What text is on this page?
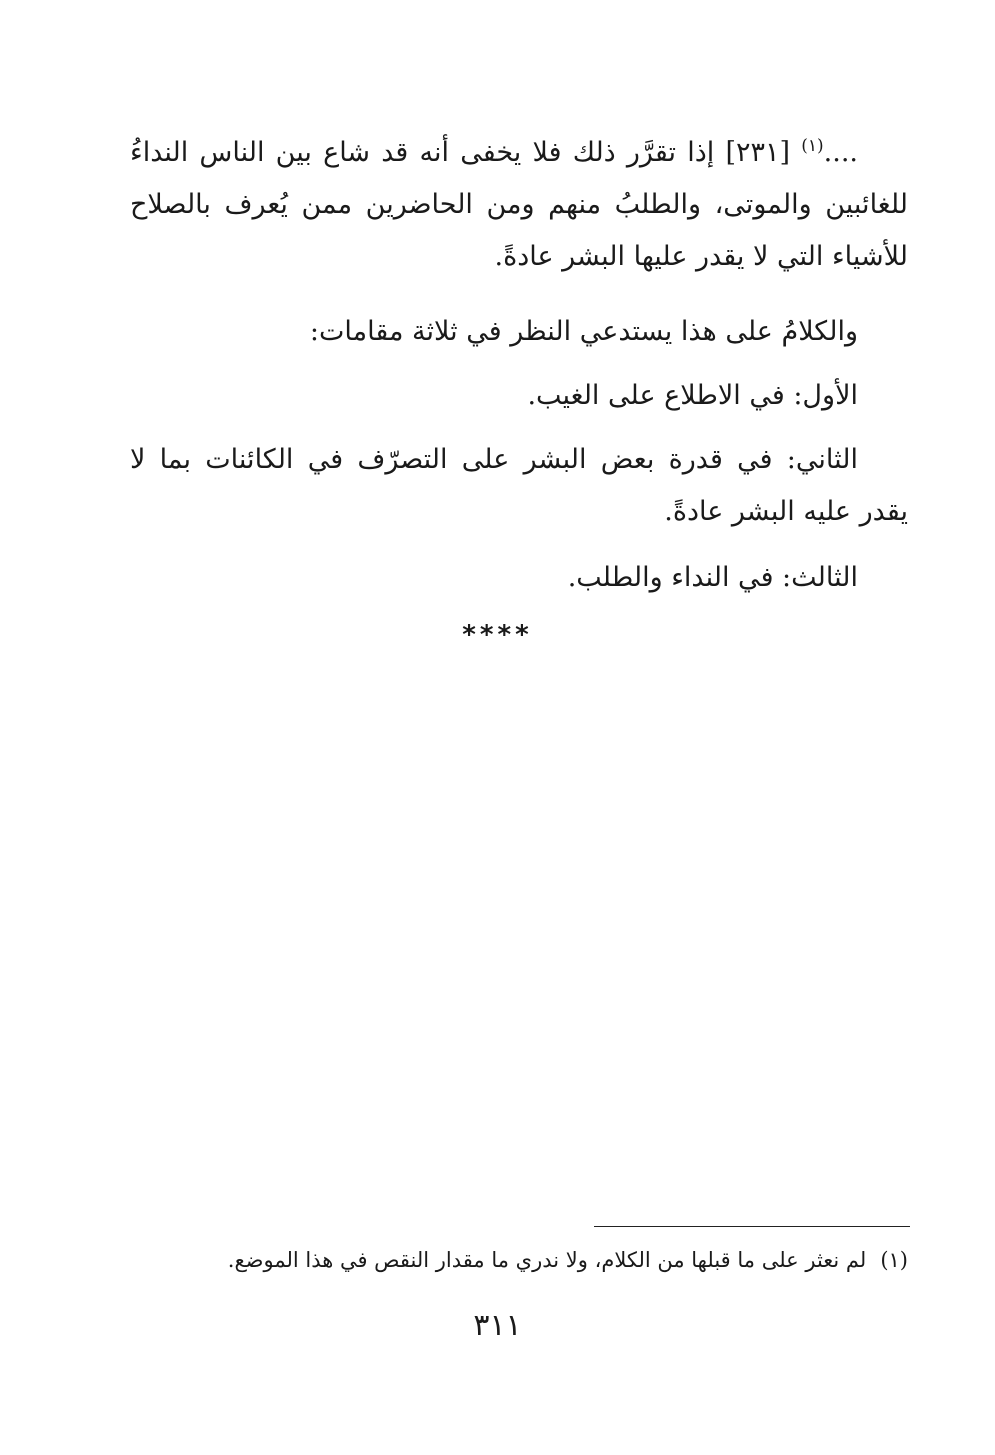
....$^{(١)}$ [٢٣١] إذا تقرَّر ذلك فلا يخفى أنه قد شاع بين الناس النداءُ للغائبين والموتى، والطلبُ منهم ومن الحاضرين ممن يُعرف بالصلاح للأشياء التي لا يقدر عليها البشر عادةً.

والكلامُ على هذا يستدعي النظر في ثلاثة مقامات:

الأول: في الاطلاع على الغيب.

الثاني: في قدرة بعض البشر على التصرّف في الكائنات بما لا يقدر عليه البشر عادةً.

الثالث: في النداء والطلب.

****
(١)لم نعثر على ما قبلها من الكلام، ولا ندري ما مقدار النقص في هذا الموضع.
٣١١
